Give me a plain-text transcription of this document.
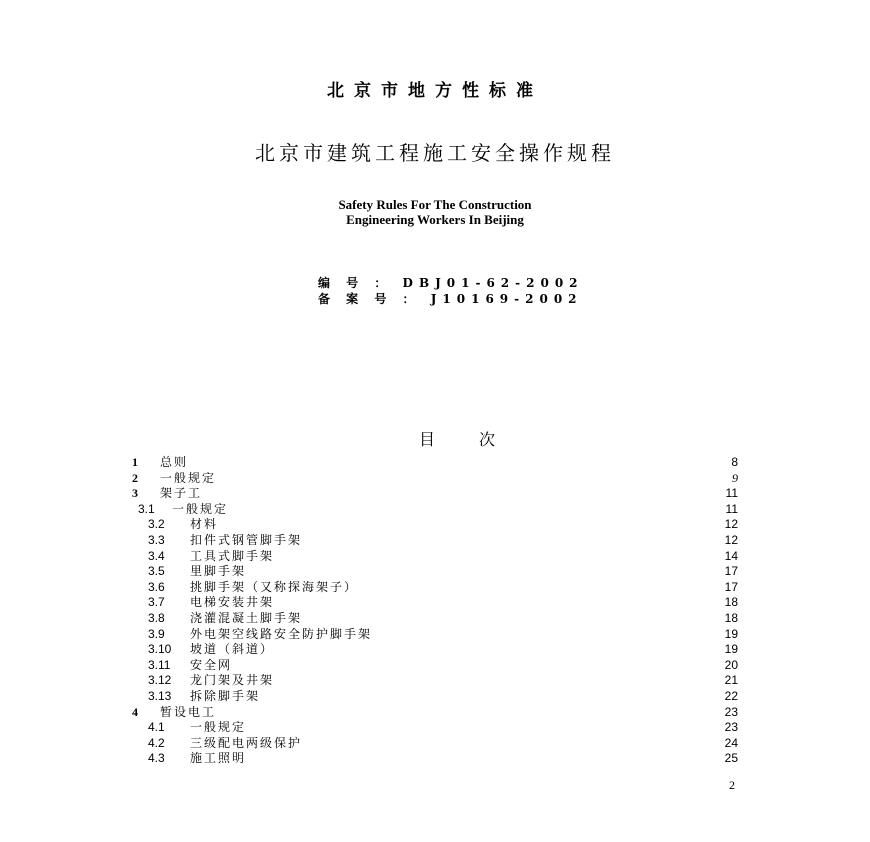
北京市地方性标准
北京市建筑工程施工安全操作规程
Safety Rules For The Construction
Engineering Workers In Beijing
编 号 ： DBJ01-62-2002
备 案 号 ： J10169-2002
目次
1 总则	8
2 一般规定	9
3 架子工	11
3.1 一般规定	11
3.2 材料	12
3.3 扣件式钢管脚手架	12
3.4 工具式脚手架	14
3.5 里脚手架	17
3.6 挑脚手架（又称探海架子）	17
3.7 电梯安装井架	18
3.8 浇灌混凝土脚手架	18
3.9 外电架空线路安全防护脚手架	19
3.10 坡道（斜道）	19
3.11 安全网	20
3.12 龙门架及井架	21
3.13 拆除脚手架	22
4 暂设电工	23
4.1 一般规定	23
4.2 三级配电两级保护	24
4.3 施工照明	25
2
